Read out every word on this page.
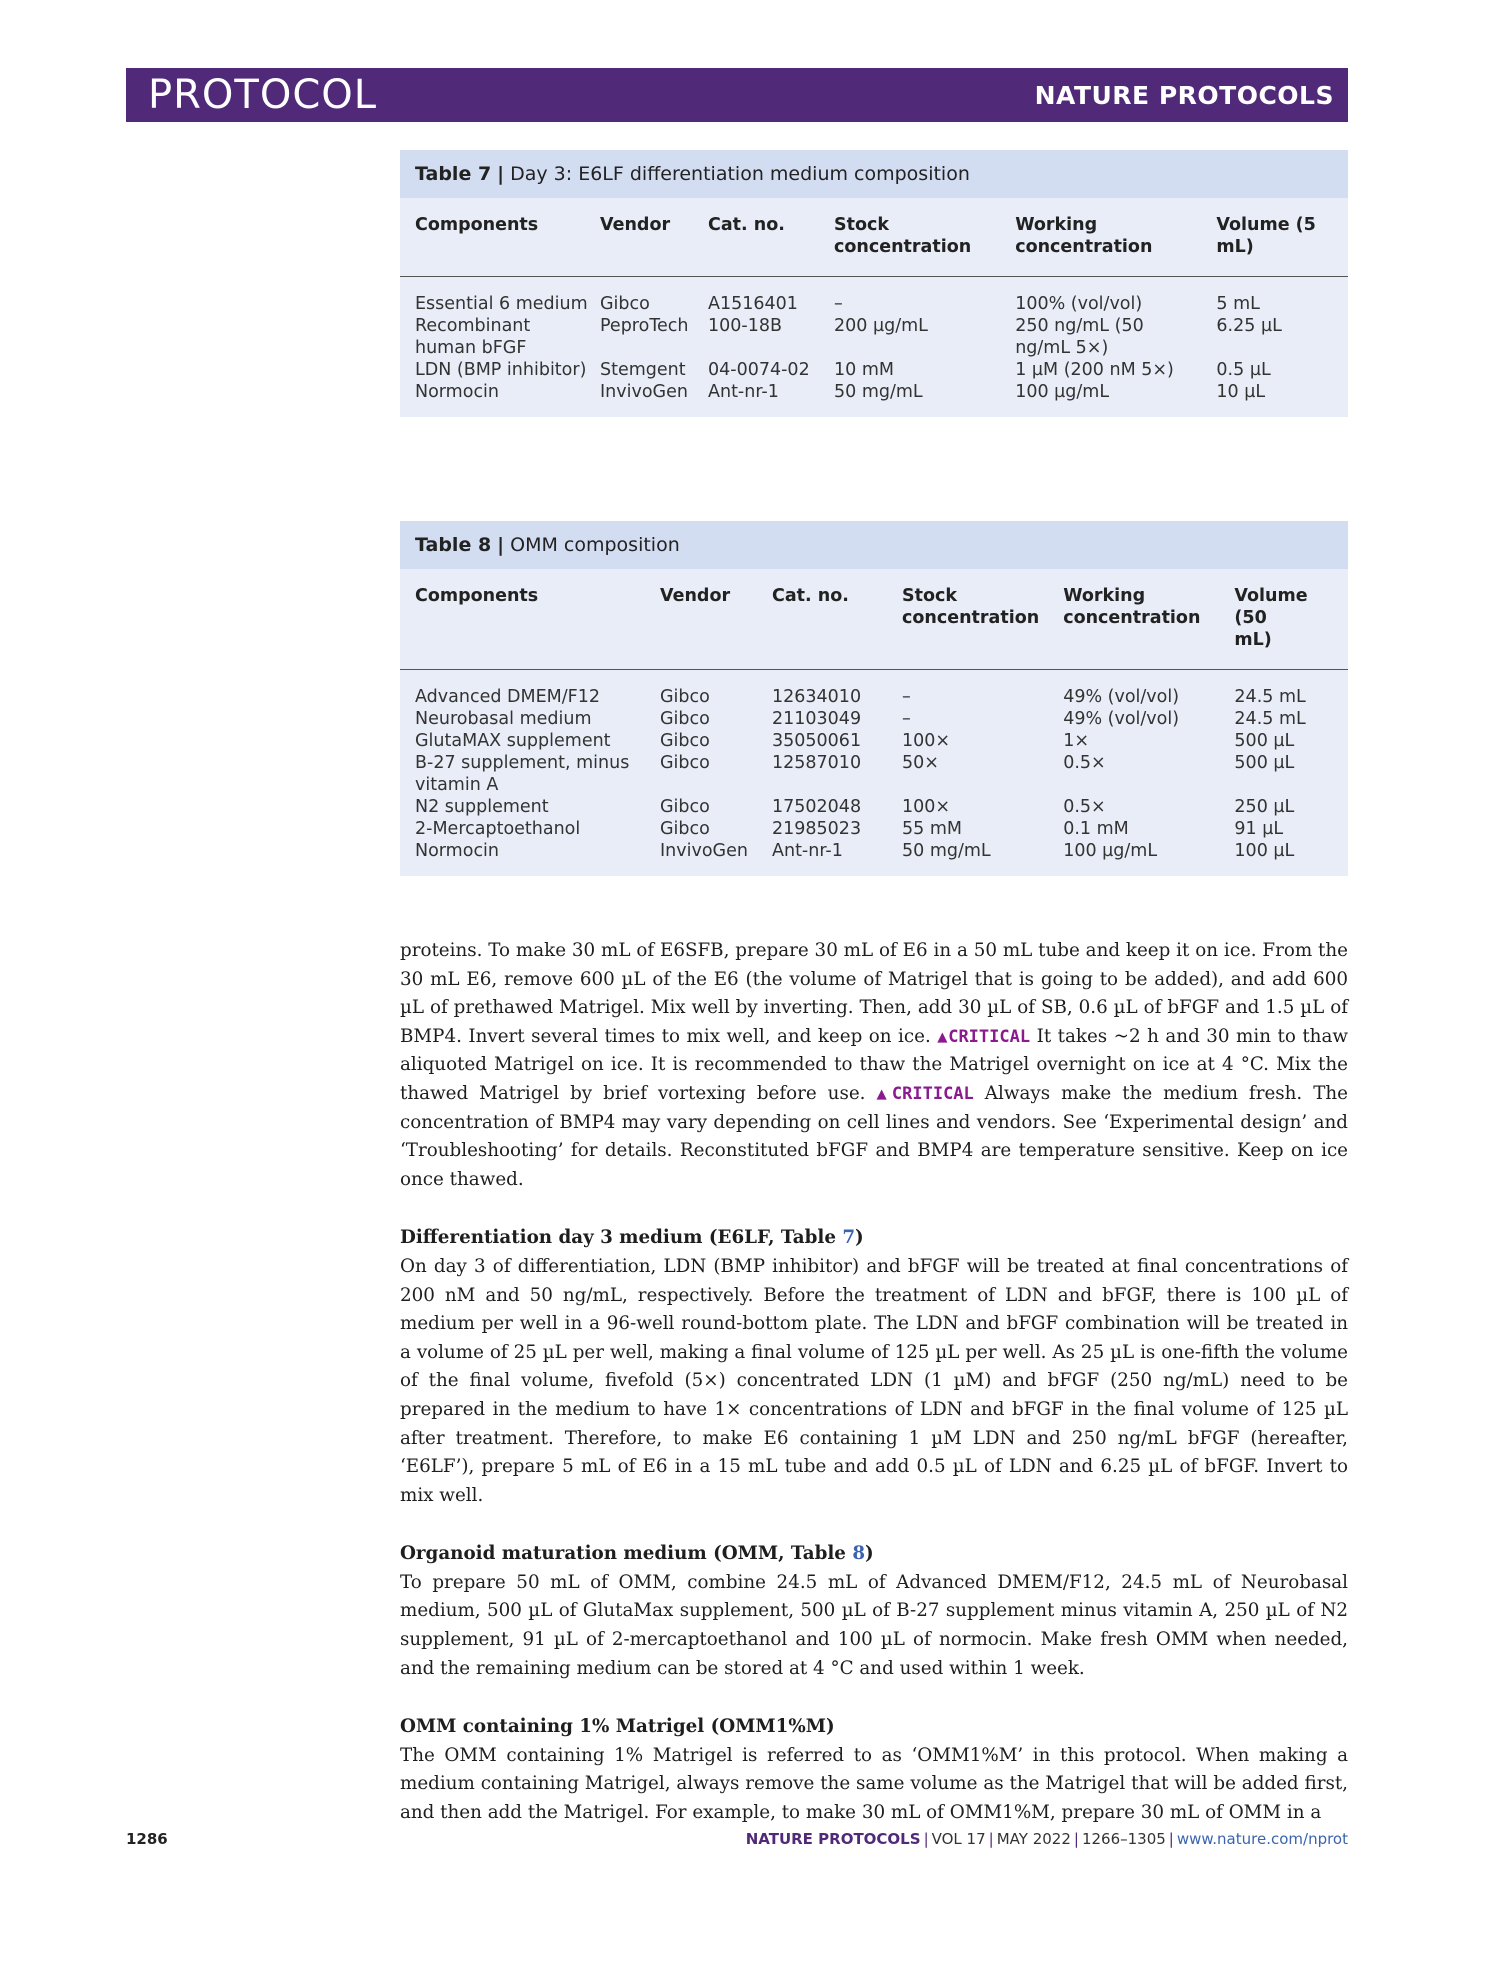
PROTOCOL	NATURE PROTOCOLS
Table 7 | Day 3: E6LF differentiation medium composition
Components	Vendor	Cat. no.	Stock concentration	Working concentration	Volume (5 mL)
Essential 6 medium	Gibco	A1516401	–	100% (vol/vol)	5 mL
Recombinant human bFGF	PeproTech	100-18B	200 µg/mL	250 ng/mL (50 ng/mL 5×)	6.25 µL
LDN (BMP inhibitor)	Stemgent	04-0074-02	10 mM	1 µM (200 nM 5×)	0.5 µL
Normocin	InvivoGen	Ant-nr-1	50 mg/mL	100 µg/mL	10 µL
Table 8 | OMM composition
Components	Vendor	Cat. no.	Stock concentration	Working concentration	Volume (50 mL)
Advanced DMEM/F12	Gibco	12634010	–	49% (vol/vol)	24.5 mL
Neurobasal medium	Gibco	21103049	–	49% (vol/vol)	24.5 mL
GlutaMAX supplement	Gibco	35050061	100×	1×	500 µL
B-27 supplement, minus vitamin A	Gibco	12587010	50×	0.5×	500 µL
N2 supplement	Gibco	17502048	100×	0.5×	250 µL
2-Mercaptoethanol	Gibco	21985023	55 mM	0.1 mM	91 µL
Normocin	InvivoGen	Ant-nr-1	50 mg/mL	100 µg/mL	100 µL

proteins. To make 30 mL of E6SFB, prepare 30 mL of E6 in a 50 mL tube and keep it on ice. From the 30 mL E6, remove 600 µL of the E6 (the volume of Matrigel that is going to be added), and add 600 µL of prethawed Matrigel. Mix well by inverting. Then, add 30 µL of SB, 0.6 µL of bFGF and 1.5 µL of BMP4. Invert several times to mix well, and keep on ice. ▲CRITICAL It takes ~2 h and 30 min to thaw aliquoted Matrigel on ice. It is recommended to thaw the Matrigel overnight on ice at 4 °C. Mix the thawed Matrigel by brief vortexing before use. ▲CRITICAL Always make the medium fresh. The concentration of BMP4 may vary depending on cell lines and vendors. See ‘Experimental design’ and ‘Troubleshooting’ for details. Reconstituted bFGF and BMP4 are temperature sensitive. Keep on ice once thawed.

Differentiation day 3 medium (E6LF, Table 7)

On day 3 of differentiation, LDN (BMP inhibitor) and bFGF will be treated at final concentrations of 200 nM and 50 ng/mL, respectively. Before the treatment of LDN and bFGF, there is 100 µL of medium per well in a 96-well round-bottom plate. The LDN and bFGF combination will be treated in a volume of 25 µL per well, making a final volume of 125 µL per well. As 25 µL is one-fifth the volume of the final volume, fivefold (5×) concentrated LDN (1 µM) and bFGF (250 ng/mL) need to be prepared in the medium to have 1× concentrations of LDN and bFGF in the final volume of 125 µL after treatment. Therefore, to make E6 containing 1 µM LDN and 250 ng/mL bFGF (hereafter, ‘E6LF’), prepare 5 mL of E6 in a 15 mL tube and add 0.5 µL of LDN and 6.25 µL of bFGF. Invert to mix well.

Organoid maturation medium (OMM, Table 8)

To prepare 50 mL of OMM, combine 24.5 mL of Advanced DMEM/F12, 24.5 mL of Neurobasal medium, 500 µL of GlutaMax supplement, 500 µL of B-27 supplement minus vitamin A, 250 µL of N2 supplement, 91 µL of 2-mercaptoethanol and 100 µL of normocin. Make fresh OMM when needed, and the remaining medium can be stored at 4 °C and used within 1 week.

OMM containing 1% Matrigel (OMM1%M)

The OMM containing 1% Matrigel is referred to as ‘OMM1%M’ in this protocol. When making a medium containing Matrigel, always remove the same volume as the Matrigel that will be added first, and then add the Matrigel. For example, to make 30 mL of OMM1%M, prepare 30 mL of OMM in a

1286	NATURE PROTOCOLS | VOL 17 | MAY 2022 | 1266–1305 | www.nature.com/nprot
